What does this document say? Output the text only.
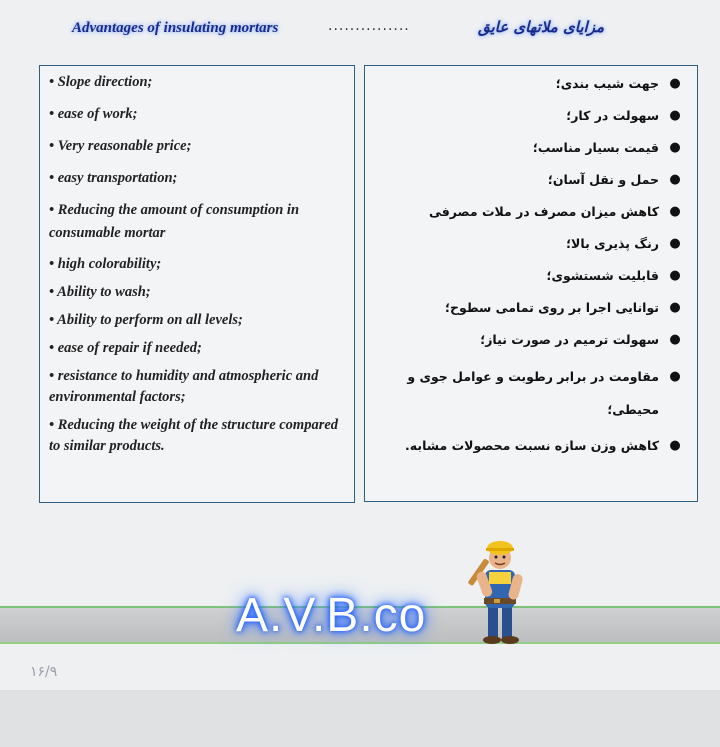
Advantages of insulating mortars	...............	مزایای ملاتهای عایق
• Slope direction;
• ease of work;
• Very reasonable price;
• easy transportation;
• Reducing the amount of consumption in consumable mortar
• high colorability;
• Ability to wash;
• Ability to perform on all levels;
• ease of repair if needed;
• resistance to humidity and atmospheric and environmental factors;
• Reducing the weight of the structure compared to similar products.
●
جهت شیب بندی؛
●
سهولت در کار؛
●
قیمت بسیار مناسب؛
●
حمل و نقل آسان؛
●
کاهش میزان مصرف در ملات مصرفی
●
رنگ پذیری بالا؛
●
قابلیت شستشوی؛
●
توانایی اجرا بر روی تمامی سطوح؛
●
سهولت ترمیم در صورت نیاز؛
●
مقاومت در برابر رطوبت و عوامل جوی و محیطی؛
●
کاهش وزن سازه نسبت محصولات مشابه.
A.V.B.co
۱۶/۹
